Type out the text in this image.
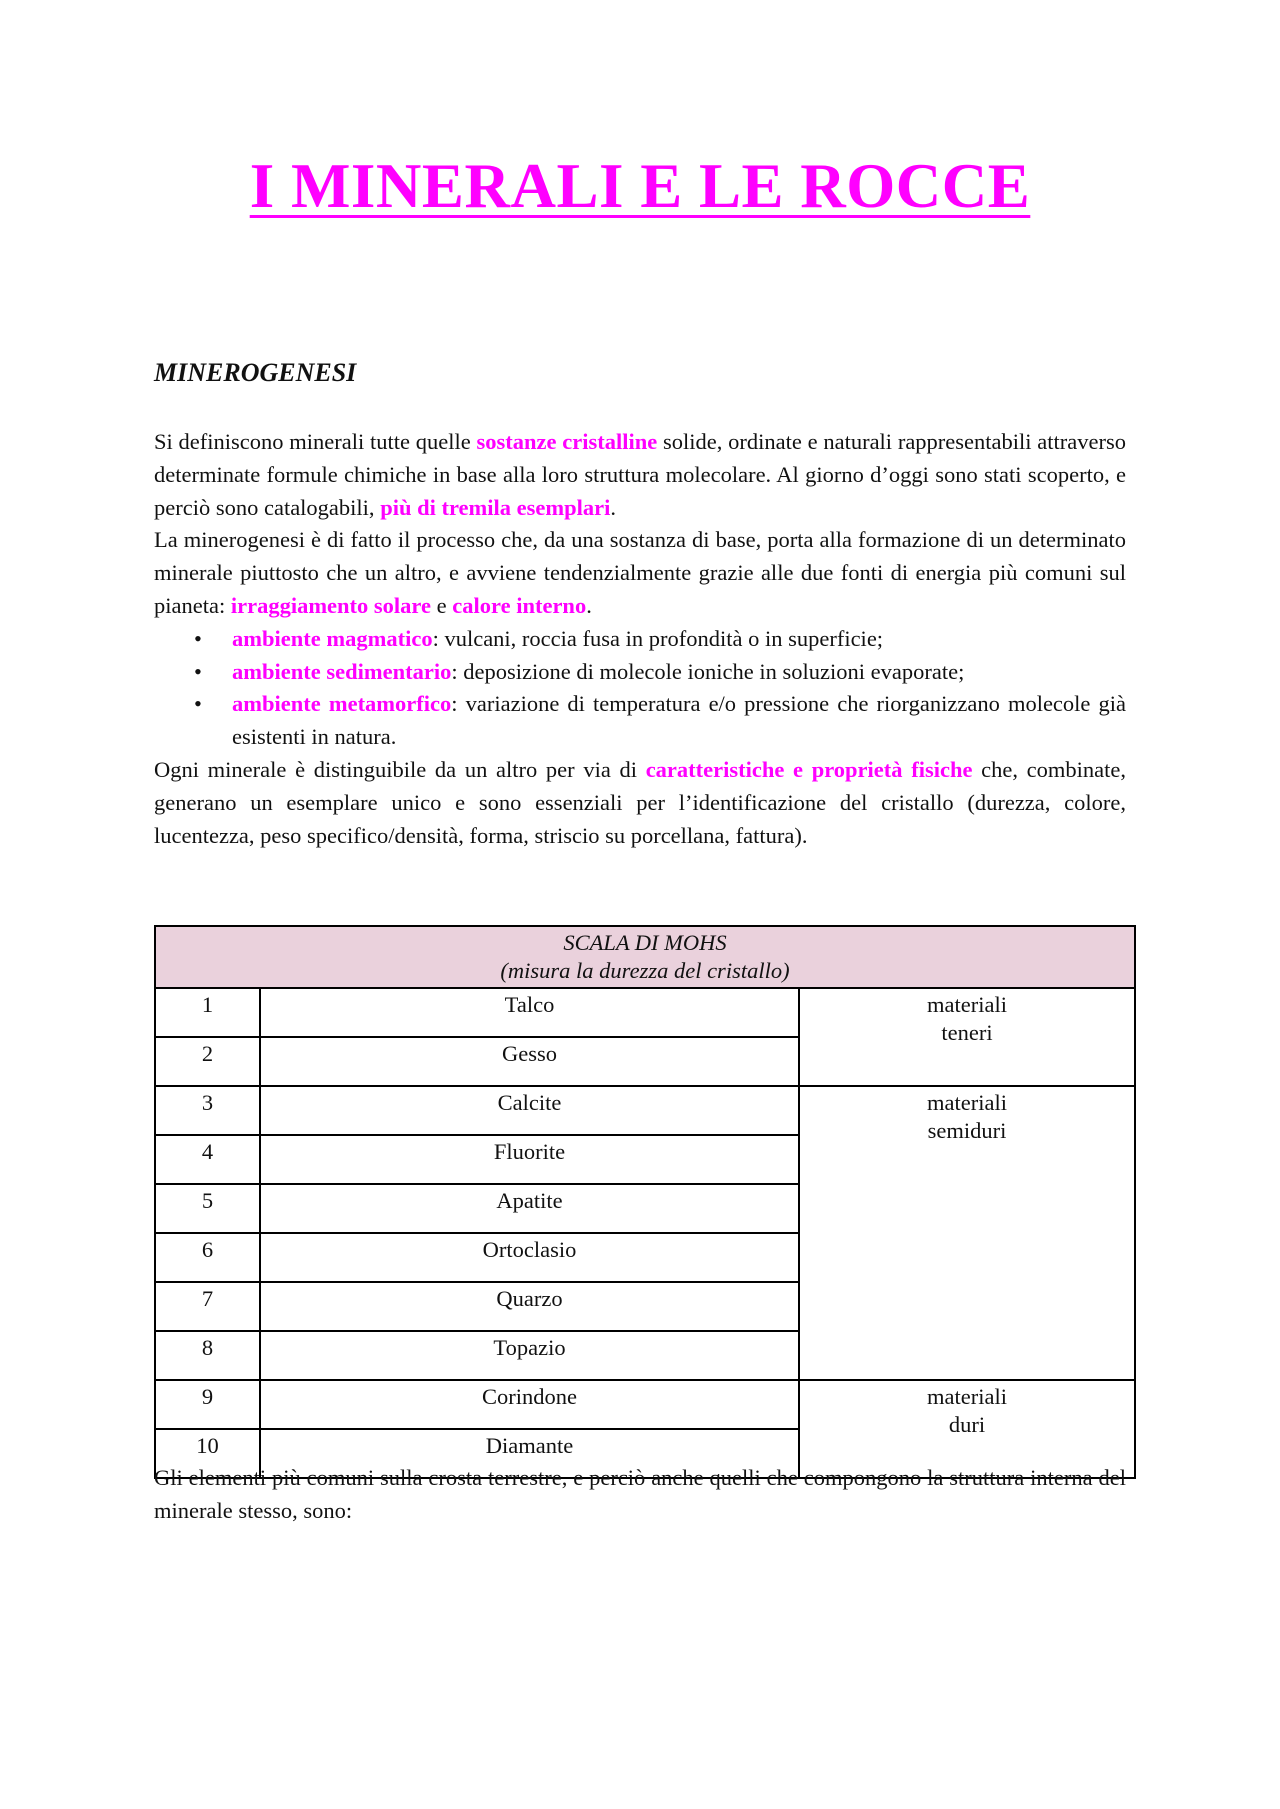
I MINERALI E LE ROCCE
MINEROGENESI

Si definiscono minerali tutte quelle sostanze cristalline solide, ordinate e naturali rappresentabili attraverso determinate formule chimiche in base alla loro struttura molecolare. Al giorno d’oggi sono stati scoperto, e perciò sono catalogabili, più di tremila esemplari.

La minerogenesi è di fatto il processo che, da una sostanza di base, porta alla formazione di un determinato minerale piuttosto che un altro, e avviene tendenzialmente grazie alle due fonti di energia più comuni sul pianeta: irraggiamento solare e calore interno.

• ambiente magmatico: vulcani, roccia fusa in profondità o in superficie;
• ambiente sedimentario: deposizione di molecole ioniche in soluzioni evaporate;
• ambiente metamorfico: variazione di temperatura e/o pressione che riorganizzano molecole già esistenti in natura.

Ogni minerale è distinguibile da un altro per via di caratteristiche e proprietà fisiche che, combinate, generano un esemplare unico e sono essenziali per l’identificazione del cristallo (durezza, colore, lucentezza, peso specifico/densità, forma, striscio su porcellana, fattura).

SCALA DI MOHS
(misura la durezza del cristallo)		

1	Talco	materiali
teneri

2	Gesso	
3	Calcite	materiali
semiduri

4	Fluorite	
5	Apatite	
6	Ortoclasio	
7	Quarzo	
8	Topazio	
9	Corindone	materiali
duri

10	Diamante	

Gli elementi più comuni sulla crosta terrestre, e perciò anche quelli che compongono la struttura interna del minerale stesso, sono:
